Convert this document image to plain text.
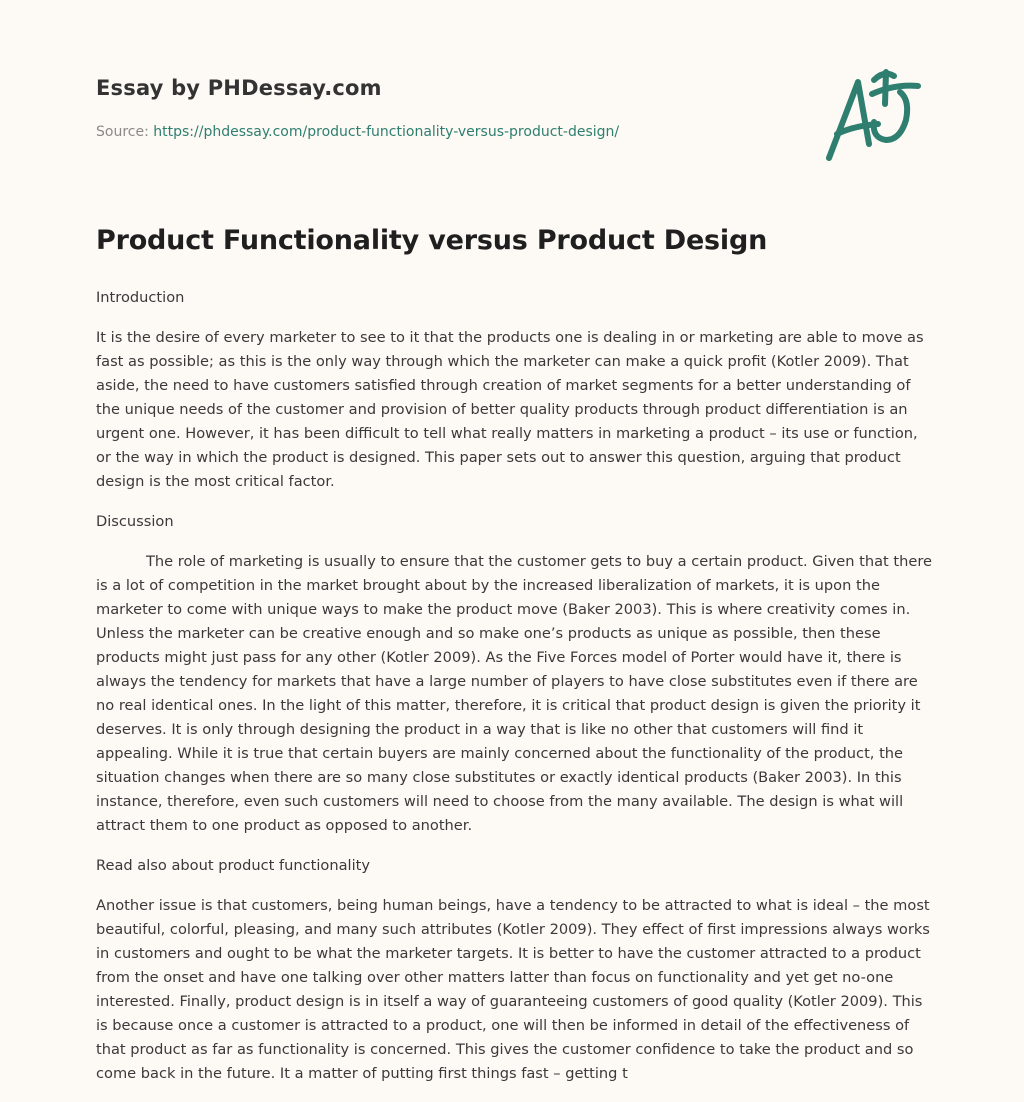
Essay by PHDessay.com
Source: https://phdessay.com/product-functionality-versus-product-design/
Product Functionality versus Product Design

Introduction

It is the desire of every marketer to see to it that the products one is dealing in or marketing are able to move as fast as possible; as this is the only way through which the marketer can make a quick profit (Kotler 2009). That aside, the need to have customers satisfied through creation of market segments for a better understanding of the unique needs of the customer and provision of better quality products through product differentiation is an urgent one. However, it has been difficult to tell what really matters in marketing a product – its use or function, or the way in which the product is designed. This paper sets out to answer this question, arguing that product design is the most critical factor.

Discussion

The role of marketing is usually to ensure that the customer gets to buy a certain product. Given that there is a lot of competition in the market brought about by the increased liberalization of markets, it is upon the marketer to come with unique ways to make the product move (Baker 2003). This is where creativity comes in. Unless the marketer can be creative enough and so make one’s products as unique as possible, then these products might just pass for any other (Kotler 2009). As the Five Forces model of Porter would have it, there is always the tendency for markets that have a large number of players to have close substitutes even if there are no real identical ones. In the light of this matter, therefore, it is critical that product design is given the priority it deserves. It is only through designing the product in a way that is like no other that customers will find it appealing. While it is true that certain buyers are mainly concerned about the functionality of the product, the situation changes when there are so many close substitutes or exactly identical products (Baker 2003). In this instance, therefore, even such customers will need to choose from the many available. The design is what will attract them to one product as opposed to another.

Read also about product functionality

Another issue is that customers, being human beings, have a tendency to be attracted to what is ideal – the most beautiful, colorful, pleasing, and many such attributes (Kotler 2009). They effect of first impressions always works in customers and ought to be what the marketer targets. It is better to have the customer attracted to a product from the onset and have one talking over other matters latter than focus on functionality and yet get no-one interested. Finally, product design is in itself a way of guaranteeing customers of good quality (Kotler 2009). This is because once a customer is attracted to a product, one will then be informed in detail of the effectiveness of that product as far as functionality is concerned. This gives the customer confidence to take the product and so come back in the future. It a matter of putting first things fast – getting t
